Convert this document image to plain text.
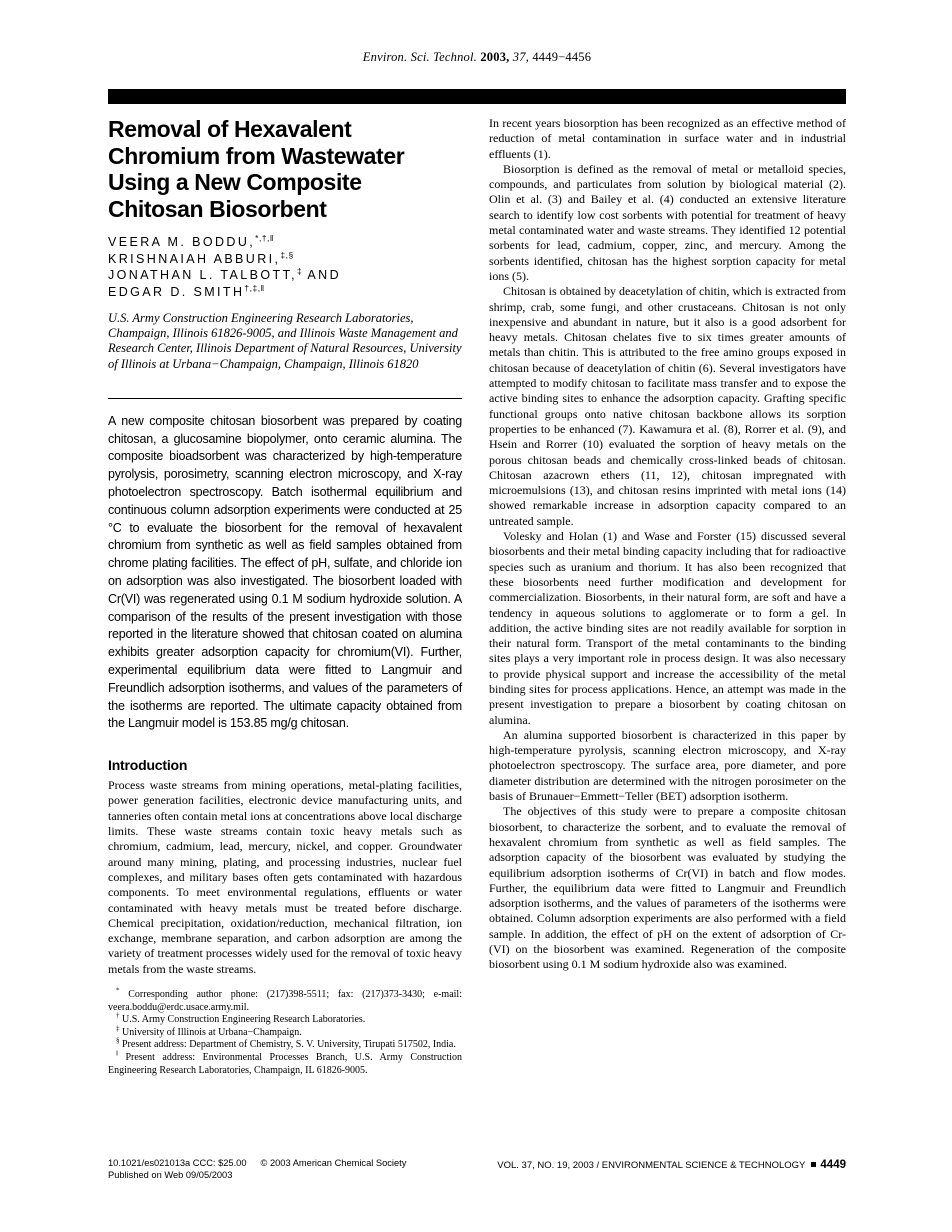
Environ. Sci. Technol. 2003, 37, 4449−4456
Removal of Hexavalent Chromium from Wastewater Using a New Composite Chitosan Biosorbent
VEERA M. BODDU,*,†,‖
KRISHNAIAH ABBURI,‡,§
JONATHAN L. TALBOTT,‡ AND
EDGAR D. SMITH†,‡,‖
U.S. Army Construction Engineering Research Laboratories, Champaign, Illinois 61826-9005, and Illinois Waste Management and Research Center, Illinois Department of Natural Resources, University of Illinois at Urbana−Champaign, Champaign, Illinois 61820

A new composite chitosan biosorbent was prepared by coating chitosan, a glucosamine biopolymer, onto ceramic alumina. The composite bioadsorbent was characterized by high-temperature pyrolysis, porosimetry, scanning electron microscopy, and X-ray photoelectron spectroscopy. Batch isothermal equilibrium and continuous column adsorption experiments were conducted at 25 °C to evaluate the biosorbent for the removal of hexavalent chromium from synthetic as well as field samples obtained from chrome plating facilities. The effect of pH, sulfate, and chloride ion on adsorption was also investigated. The biosorbent loaded with Cr(VI) was regenerated using 0.1 M sodium hydroxide solution. A comparison of the results of the present investigation with those reported in the literature showed that chitosan coated on alumina exhibits greater adsorption capacity for chromium(VI). Further, experimental equilibrium data were fitted to Langmuir and Freundlich adsorption isotherms, and values of the parameters of the isotherms are reported. The ultimate capacity obtained from the Langmuir model is 153.85 mg/g chitosan.

Introduction

Process waste streams from mining operations, metal-plating facilities, power generation facilities, electronic device manufacturing units, and tanneries often contain metal ions at concentrations above local discharge limits. These waste streams contain toxic heavy metals such as chromium, cadmium, lead, mercury, nickel, and copper. Groundwater around many mining, plating, and processing industries, nuclear fuel complexes, and military bases often gets contaminated with hazardous components. To meet environmental regulations, effluents or water contaminated with heavy metals must be treated before discharge. Chemical precipitation, oxidation/reduction, mechanical filtration, ion exchange, membrane separation, and carbon adsorption are among the variety of treatment processes widely used for the removal of toxic heavy metals from the waste streams.

* Corresponding author phone: (217)398-5511; fax: (217)373-3430; e-mail: veera.boddu@erdc.usace.army.mil.

† U.S. Army Construction Engineering Research Laboratories.

‡ University of Illinois at Urbana−Champaign.

§ Present address: Department of Chemistry, S. V. University, Tirupati 517502, India.

‖ Present address: Environmental Processes Branch, U.S. Army Construction Engineering Research Laboratories, Champaign, IL 61826-9005.

In recent years biosorption has been recognized as an effective method of reduction of metal contamination in surface water and in industrial effluents (1).

Biosorption is defined as the removal of metal or metalloid species, compounds, and particulates from solution by biological material (2). Olin et al. (3) and Bailey et al. (4) conducted an extensive literature search to identify low cost sorbents with potential for treatment of heavy metal contaminated water and waste streams. They identified 12 potential sorbents for lead, cadmium, copper, zinc, and mercury. Among the sorbents identified, chitosan has the highest sorption capacity for metal ions (5).

Chitosan is obtained by deacetylation of chitin, which is extracted from shrimp, crab, some fungi, and other crustaceans. Chitosan is not only inexpensive and abundant in nature, but it also is a good adsorbent for heavy metals. Chitosan chelates five to six times greater amounts of metals than chitin. This is attributed to the free amino groups exposed in chitosan because of deacetylation of chitin (6). Several investigators have attempted to modify chitosan to facilitate mass transfer and to expose the active binding sites to enhance the adsorption capacity. Grafting specific functional groups onto native chitosan backbone allows its sorption properties to be enhanced (7). Kawamura et al. (8), Rorrer et al. (9), and Hsein and Rorrer (10) evaluated the sorption of heavy metals on the porous chitosan beads and chemically cross-linked beads of chitosan. Chitosan azacrown ethers (11, 12), chitosan impregnated with microemulsions (13), and chitosan resins imprinted with metal ions (14) showed remarkable increase in adsorption capacity compared to an untreated sample.

Volesky and Holan (1) and Wase and Forster (15) discussed several biosorbents and their metal binding capacity including that for radioactive species such as uranium and thorium. It has also been recognized that these biosorbents need further modification and development for commercialization. Biosorbents, in their natural form, are soft and have a tendency in aqueous solutions to agglomerate or to form a gel. In addition, the active binding sites are not readily available for sorption in their natural form. Transport of the metal contaminants to the binding sites plays a very important role in process design. It was also necessary to provide physical support and increase the accessibility of the metal binding sites for process applications. Hence, an attempt was made in the present investigation to prepare a biosorbent by coating chitosan on alumina.

An alumina supported biosorbent is characterized in this paper by high-temperature pyrolysis, scanning electron microscopy, and X-ray photoelectron spectroscopy. The surface area, pore diameter, and pore diameter distribution are determined with the nitrogen porosimeter on the basis of Brunauer−Emmett−Teller (BET) adsorption isotherm.

The objectives of this study were to prepare a composite chitosan biosorbent, to characterize the sorbent, and to evaluate the removal of hexavalent chromium from synthetic as well as field samples. The adsorption capacity of the biosorbent was evaluated by studying the equilibrium adsorption isotherms of Cr(VI) in batch and flow modes. Further, the equilibrium data were fitted to Langmuir and Freundlich adsorption isotherms, and the values of parameters of the isotherms were obtained. Column adsorption experiments are also performed with a field sample. In addition, the effect of pH on the extent of adsorption of Cr-(VI) on the biosorbent was examined. Regeneration of the composite biosorbent using 0.1 M sodium hydroxide also was examined.

10.1021/es021013a CCC: $25.00 © 2003 American Chemical Society
Published on Web 09/05/2003
VOL. 37, NO. 19, 2003 / ENVIRONMENTAL SCIENCE & TECHNOLOGY 4449
